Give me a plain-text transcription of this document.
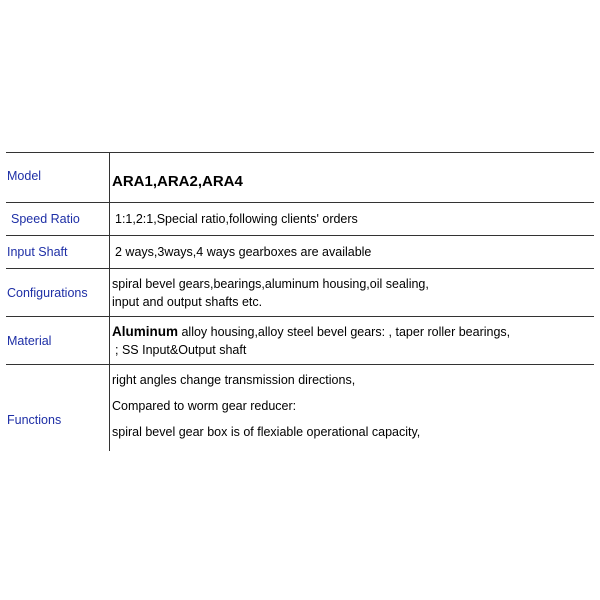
Model	ARA1,ARA2,ARA4
Speed Ratio	1:1,2:1,Special ratio,following clients' orders
Input Shaft	2 ways,3ways,4 ways gearboxes are available
Configurations	spiral bevel gears,bearings,aluminum housing,oil sealing,
input and output shafts etc.

Material	Aluminum alloy housing,alloy steel bevel gears: , taper roller bearings,
; SS Input&Output shaft

Functions	right angles change transmission directions,
Compared to worm gear reducer:
spiral bevel gear box is of flexiable operational capacity,
